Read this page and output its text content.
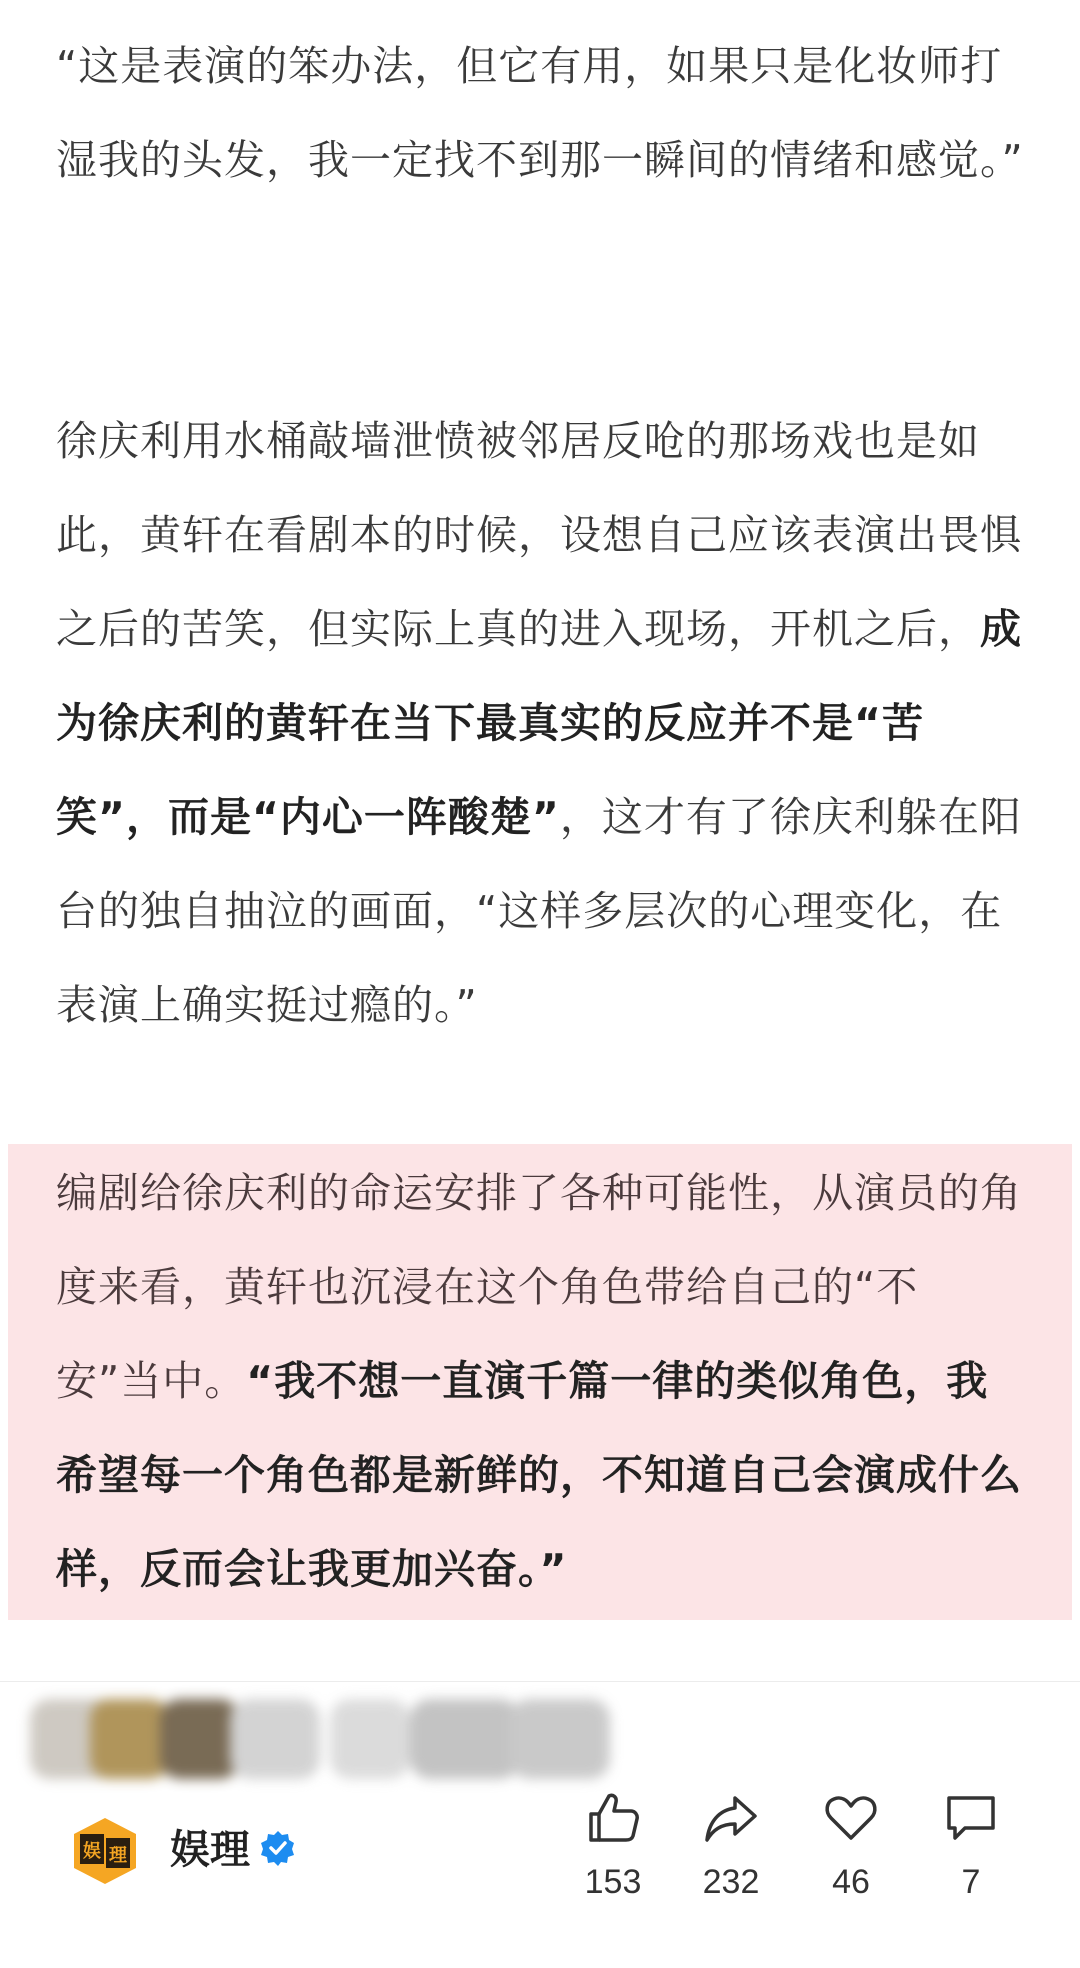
“这是表演的笨办法，但它有用，如果只是化妆师打湿我的头发，我一定找不到那一瞬间的情绪和感觉。”

徐庆利用水桶敲墙泄愤被邻居反呛的那场戏也是如此，黄轩在看剧本的时候，设想自己应该表演出畏惧之后的苦笑，但实际上真的进入现场，开机之后，成为徐庆利的黄轩在当下最真实的反应并不是“苦笑”，而是“内心一阵酸楚”，这才有了徐庆利躲在阳台的独自抽泣的画面，“这样多层次的心理变化，在表演上确实挺过瘾的。”

编剧给徐庆利的命运安排了各种可能性，从演员的角度来看，黄轩也沉浸在这个角色带给自己的“不安”当中。“我不想一直演千篇一律的类似角色，我希望每一个角色都是新鲜的，不知道自己会演成什么样，反而会让我更加兴奋。”

娱 理 娱理
153	232	46	7
